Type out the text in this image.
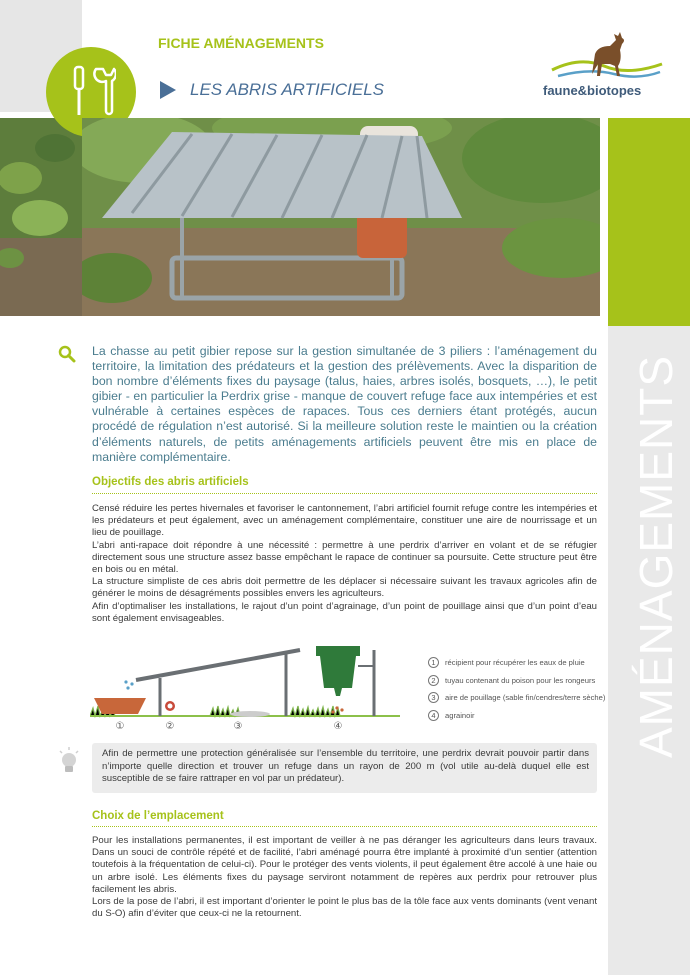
FICHE AMÉNAGEMENTS
LES ABRIS ARTIFICIELS	faune&biotopes
AMÉNAGEMENTS
La chasse au petit gibier repose sur la gestion simultanée de 3 piliers : l’aménagement du territoire, la limitation des prédateurs et la gestion des prélèvements. Avec la disparition de bon nombre d’éléments fixes du paysage (talus, haies, arbres isolés, bosquets, …), le petit gibier - en particulier la Perdrix grise - manque de couvert refuge face aux intempéries et est vulnérable à certaines espèces de rapaces. Tous ces derniers étant protégés, aucun procédé de régulation n’est autorisé. Si la meilleure solution reste le maintien ou la création d’éléments naturels, de petits aménagements artificiels peuvent être mis en place de manière complémentaire.
Objectifs des abris artificiels

Censé réduire les pertes hivernales et favoriser le cantonnement, l’abri artificiel fournit refuge contre les intempéries et les prédateurs et peut également, avec un aménagement complémentaire, constituer une aire de nourrissage et un lieu de pouillage.

L’abri anti-rapace doit répondre à une nécessité : permettre à une perdrix d’arriver en volant et de se réfugier directement sous une structure assez basse empêchant le rapace de continuer sa poursuite. Cette structure peut être en bois ou en métal.

La structure simpliste de ces abris doit permettre de les déplacer si nécessaire suivant les travaux agricoles afin de générer le moins de désagréments possibles envers les agriculteurs.

Afin d’optimaliser les installations, le rajout d’un point d’agrainage, d’un point de pouillage ainsi que d’un point d’eau sont également envisageables.

①	②	③	④
1	récipient pour récupérer les eaux de pluie
2	tuyau contenant du poison pour les rongeurs
3	aire de pouillage (sable fin/cendres/terre sèche)
4	agrainoir
Afin de permettre une protection généralisée sur l’ensemble du territoire, une perdrix devrait pouvoir partir dans n’importe quelle direction et trouver un refuge dans un rayon de 200 m (vol utile au-delà duquel elle est susceptible de se faire rattraper en vol par un prédateur).
Choix de l’emplacement

Pour les installations permanentes, il est important de veiller à ne pas déranger les agriculteurs dans leurs travaux. Dans un souci de contrôle répété et de facilité, l’abri aménagé pourra être implanté à proximité d’un sentier (attention toutefois à la fréquentation de celui-ci). Pour le protéger des vents violents, il peut également être accolé à une haie ou un arbre isolé. Les éléments fixes du paysage serviront notamment de repères aux perdrix pour retrouver plus facilement les abris.

Lors de la pose de l’abri, il est important d’orienter le point le plus bas de la tôle face aux vents dominants (vent venant du S-O) afin d’éviter que ceux-ci ne la retournent.
